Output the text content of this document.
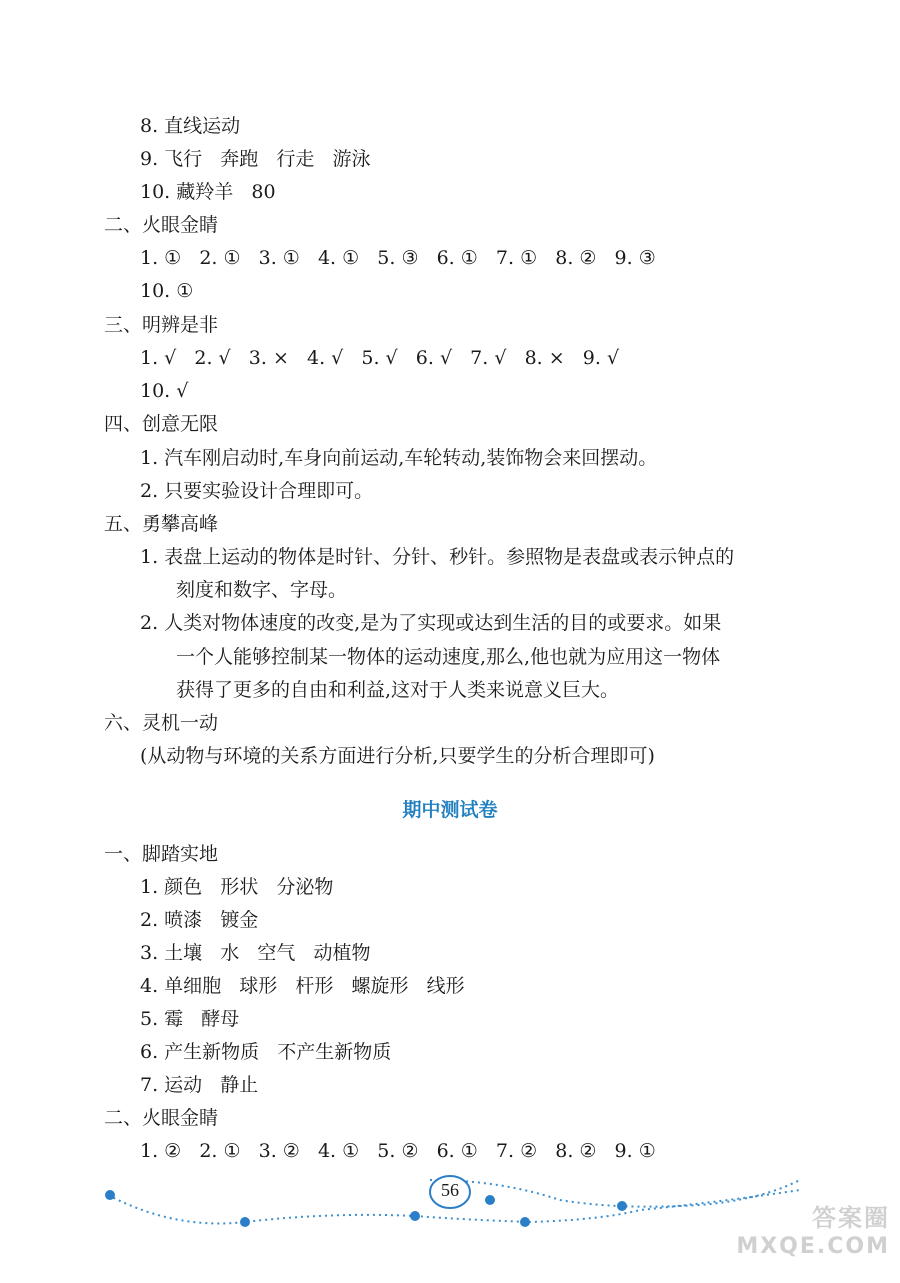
8. 直线运动
9. 飞行   奔跑   行走   游泳
10. 藏羚羊   80
二、火眼金睛
1. ①   2. ①   3. ①   4. ①   5. ③   6. ①   7. ①   8. ②   9. ③
10. ①
三、明辨是非
1. √   2. √   3. ×   4. √   5. √   6. √   7. √   8. ×   9. √
10. √
四、创意无限
1. 汽车刚启动时,车身向前运动,车轮转动,装饰物会来回摆动。
2. 只要实验设计合理即可。
五、勇攀高峰
1. 表盘上运动的物体是时针、分针、秒针。参照物是表盘或表示钟点的
刻度和数字、字母。
2. 人类对物体速度的改变,是为了实现或达到生活的目的或要求。如果
一个人能够控制某一物体的运动速度,那么,他也就为应用这一物体
获得了更多的自由和利益,这对于人类来说意义巨大。
六、灵机一动
(从动物与环境的关系方面进行分析,只要学生的分析合理即可)
期中测试卷
一、脚踏实地
1. 颜色   形状   分泌物
2. 喷漆   镀金
3. 土壤   水   空气   动植物
4. 单细胞   球形   杆形   螺旋形   线形
5. 霉   酵母
6. 产生新物质   不产生新物质
7. 运动   静止
二、火眼金睛
1. ②   2. ①   3. ②   4. ①   5. ②   6. ①   7. ②   8. ②   9. ①
56
答案圈
MXQE.COM
